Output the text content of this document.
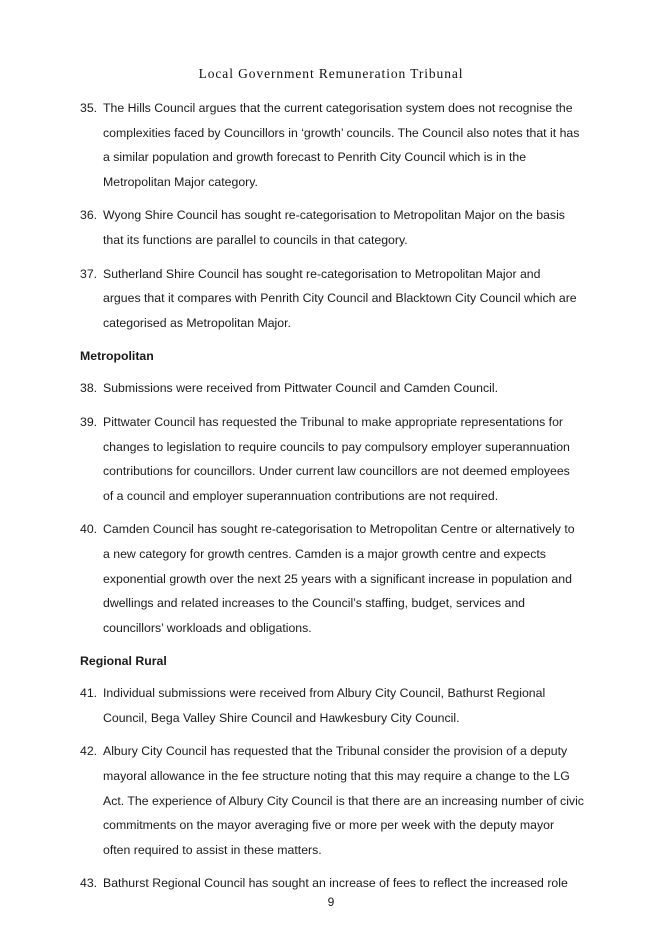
Local Government Remuneration Tribunal
35. The Hills Council argues that the current categorisation system does not recognise the
complexities faced by Councillors in ‘growth’ councils. The Council also notes that it has
a similar population and growth forecast to Penrith City Council which is in the
Metropolitan Major category.
36. Wyong Shire Council has sought re-categorisation to Metropolitan Major on the basis
that its functions are parallel to councils in that category.
37. Sutherland Shire Council has sought re-categorisation to Metropolitan Major and
argues that it compares with Penrith City Council and Blacktown City Council which are
categorised as Metropolitan Major.
Metropolitan
38. Submissions were received from Pittwater Council and Camden Council.
39. Pittwater Council has requested the Tribunal to make appropriate representations for
changes to legislation to require councils to pay compulsory employer superannuation
contributions for councillors. Under current law councillors are not deemed employees
of a council and employer superannuation contributions are not required.
40. Camden Council has sought re-categorisation to Metropolitan Centre or alternatively to
a new category for growth centres. Camden is a major growth centre and expects
exponential growth over the next 25 years with a significant increase in population and
dwellings and related increases to the Council’s staffing, budget, services and
councillors’ workloads and obligations.
Regional Rural
41. Individual submissions were received from Albury City Council, Bathurst Regional
Council, Bega Valley Shire Council and Hawkesbury City Council.
42. Albury City Council has requested that the Tribunal consider the provision of a deputy
mayoral allowance in the fee structure noting that this may require a change to the LG
Act. The experience of Albury City Council is that there are an increasing number of civic
commitments on the mayor averaging five or more per week with the deputy mayor
often required to assist in these matters.
43. Bathurst Regional Council has sought an increase of fees to reflect the increased role
9
